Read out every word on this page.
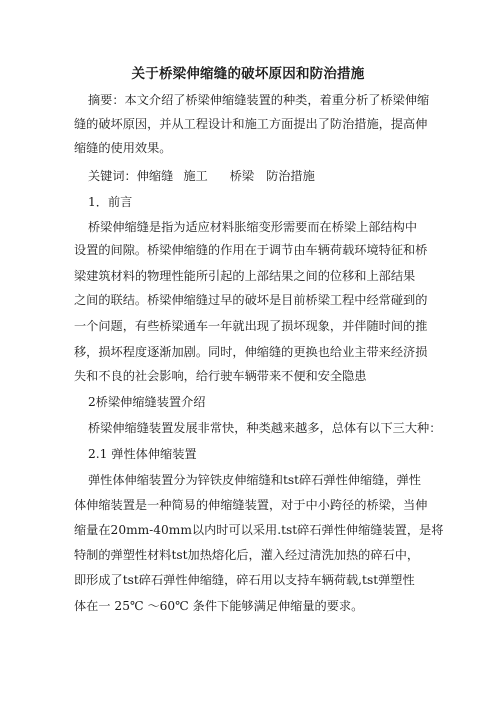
关于桥梁伸缩缝的破坏原因和防治措施
摘要：本文介绍了桥梁伸缩缝装置的种类，着重分析了桥梁伸缩
缝的破坏原因，并从工程设计和施工方面提出了防治措施，提高伸
缩缝的使用效果。
关键词：伸缩缝 施工 桥梁 防治措施
1．前言
桥梁伸缩缝是指为适应材料胀缩变形需要而在桥梁上部结构中
设置的间隙。桥梁伸缩缝的作用在于调节由车辆荷载环境特征和桥
梁建筑材料的物理性能所引起的上部结果之间的位移和上部结果
之间的联结。桥梁伸缩缝过早的破坏是目前桥梁工程中经常碰到的
一个问题，有些桥梁通车一年就出现了损坏现象，并伴随时间的推
移，损坏程度逐渐加剧。同时，伸缩缝的更换也给业主带来经济损
失和不良的社会影响，给行驶车辆带来不便和安全隐患
2桥梁伸缩缝装置介绍
桥梁伸缩缝装置发展非常快，种类越来越多，总体有以下三大种：
2.1 弹性体伸缩装置
弹性体伸缩装置分为锌铁皮伸缩缝和tst碎石弹性伸缩缝，弹性
体伸缩装置是一种简易的伸缩缝装置，对于中小跨径的桥梁，当伸
缩量在20mm-40mm以内时可以采用.tst碎石弹性伸缩缝装置，是将
特制的弹塑性材料tst加热熔化后，灌入经过清洗加热的碎石中，
即形成了tst碎石弹性伸缩缝，碎石用以支持车辆荷载,tst弹塑性
体在一 25℃ ～60℃ 条件下能够满足伸缩量的要求。
